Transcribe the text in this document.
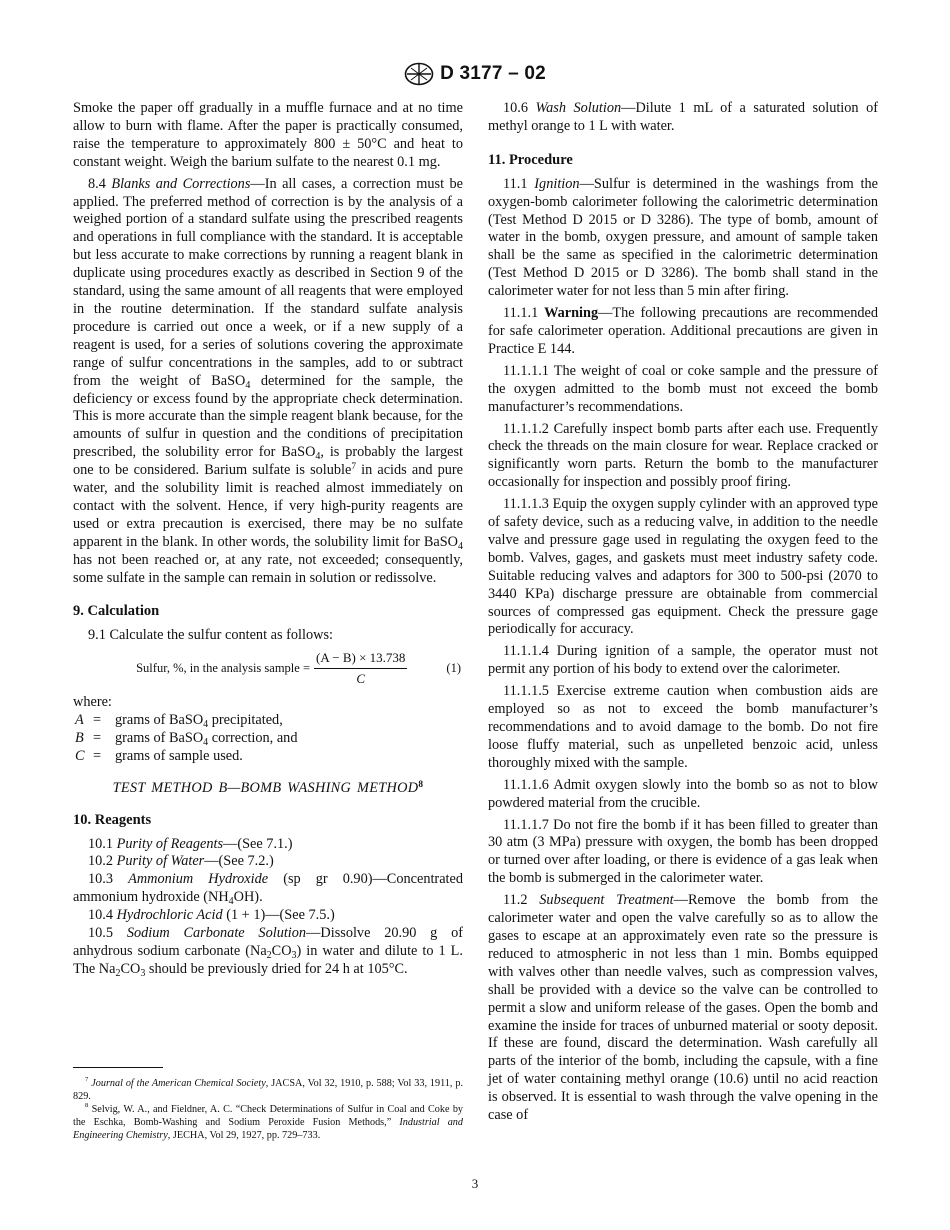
D 3177 – 02

Smoke the paper off gradually in a muffle furnace and at no time allow to burn with flame. After the paper is practically consumed, raise the temperature to approximately 800 ± 50°C and heat to constant weight. Weigh the barium sulfate to the nearest 0.1 mg.

8.4 Blanks and Corrections—In all cases, a correction must be applied. The preferred method of correction is by the analysis of a weighed portion of a standard sulfate using the prescribed reagents and operations in full compliance with the standard. It is acceptable but less accurate to make corrections by running a reagent blank in duplicate using procedures exactly as described in Section 9 of the standard, using the same amount of all reagents that were employed in the routine determination. If the standard sulfate analysis procedure is carried out once a week, or if a new supply of a reagent is used, for a series of solutions covering the approximate range of sulfur concentrations in the samples, add to or subtract from the weight of BaSO$_4$ determined for the sample, the deficiency or excess found by the appropriate check determination. This is more accurate than the simple reagent blank because, for the amounts of sulfur in question and the conditions of precipitation prescribed, the solubility error for BaSO$_4$, is probably the largest one to be considered. Barium sulfate is soluble$^7$ in acids and pure water, and the solubility limit is reached almost immediately on contact with the solvent. Hence, if very high-purity reagents are used or extra precaution is exercised, there may be no sulfate apparent in the blank. In other words, the solubility limit for BaSO$_4$ has not been reached or, at any rate, not exceeded; consequently, some sulfate in the sample can remain in solution or redissolve.

9. Calculation

9.1 Calculate the sulfur content as follows:

Sulfur, %, in the analysis sample = $\frac{(A - B) \times 13.738}{C}$	(1)

where:

A = grams of BaSO$_4$ precipitated,
B = grams of BaSO$_4$ correction, and
C = grams of sample used.

TEST METHOD B—BOMB WASHING METHOD$^8$

10. Reagents

10.1 Purity of Reagents—(See 7.1.)

10.2 Purity of Water—(See 7.2.)

10.3 Ammonium Hydroxide (sp gr 0.90)—Concentrated ammonium hydroxide $(NH_4OH)$.

10.4 Hydrochloric Acid (1 + 1)—(See 7.5.)

10.5 Sodium Carbonate Solution—Dissolve 20.90 g of anhydrous sodium carbonate $(Na_2CO_3)$ in water and dilute to 1 L. The $Na_2CO_3$ should be previously dried for 24 h at 105°C.

$^7$ Journal of the American Chemical Society, JACSA, Vol 32, 1910, p. 588; Vol 33, 1911, p. 829.

$^8$ Selvig, W. A., and Fieldner, A. C. “Check Determinations of Sulfur in Coal and Coke by the Eschka, Bomb-Washing and Sodium Peroxide Fusion Methods,” Industrial and Engineering Chemistry, JECHA, Vol 29, 1927, pp. 729–733.

10.6 Wash Solution—Dilute 1 mL of a saturated solution of methyl orange to 1 L with water.

11. Procedure

11.1 Ignition—Sulfur is determined in the washings from the oxygen-bomb calorimeter following the calorimetric determination (Test Method D 2015 or D 3286). The type of bomb, amount of water in the bomb, oxygen pressure, and amount of sample taken shall be the same as specified in the calorimetric determination (Test Method D 2015 or D 3286). The bomb shall stand in the calorimeter water for not less than 5 min after firing.

11.1.1 Warning—The following precautions are recommended for safe calorimeter operation. Additional precautions are given in Practice E 144.

11.1.1.1 The weight of coal or coke sample and the pressure of the oxygen admitted to the bomb must not exceed the bomb manufacturer’s recommendations.

11.1.1.2 Carefully inspect bomb parts after each use. Frequently check the threads on the main closure for wear. Replace cracked or significantly worn parts. Return the bomb to the manufacturer occasionally for inspection and possibly proof firing.

11.1.1.3 Equip the oxygen supply cylinder with an approved type of safety device, such as a reducing valve, in addition to the needle valve and pressure gage used in regulating the oxygen feed to the bomb. Valves, gages, and gaskets must meet industry safety code. Suitable reducing valves and adaptors for 300 to 500-psi (2070 to 3440 KPa) discharge pressure are obtainable from commercial sources of compressed gas equipment. Check the pressure gage periodically for accuracy.

11.1.1.4 During ignition of a sample, the operator must not permit any portion of his body to extend over the calorimeter.

11.1.1.5 Exercise extreme caution when combustion aids are employed so as not to exceed the bomb manufacturer’s recommendations and to avoid damage to the bomb. Do not fire loose fluffy material, such as unpelleted benzoic acid, unless thoroughly mixed with the sample.

11.1.1.6 Admit oxygen slowly into the bomb so as not to blow powdered material from the crucible.

11.1.1.7 Do not fire the bomb if it has been filled to greater than 30 atm (3 MPa) pressure with oxygen, the bomb has been dropped or turned over after loading, or there is evidence of a gas leak when the bomb is submerged in the calorimeter water.

11.2 Subsequent Treatment—Remove the bomb from the calorimeter water and open the valve carefully so as to allow the gases to escape at an approximately even rate so the pressure is reduced to atmospheric in not less than 1 min. Bombs equipped with valves other than needle valves, such as compression valves, shall be provided with a device so the valve can be controlled to permit a slow and uniform release of the gases. Open the bomb and examine the inside for traces of unburned material or sooty deposit. If these are found, discard the determination. Wash carefully all parts of the interior of the bomb, including the capsule, with a fine jet of water containing methyl orange (10.6) until no acid reaction is observed. It is essential to wash through the valve opening in the case of

3
